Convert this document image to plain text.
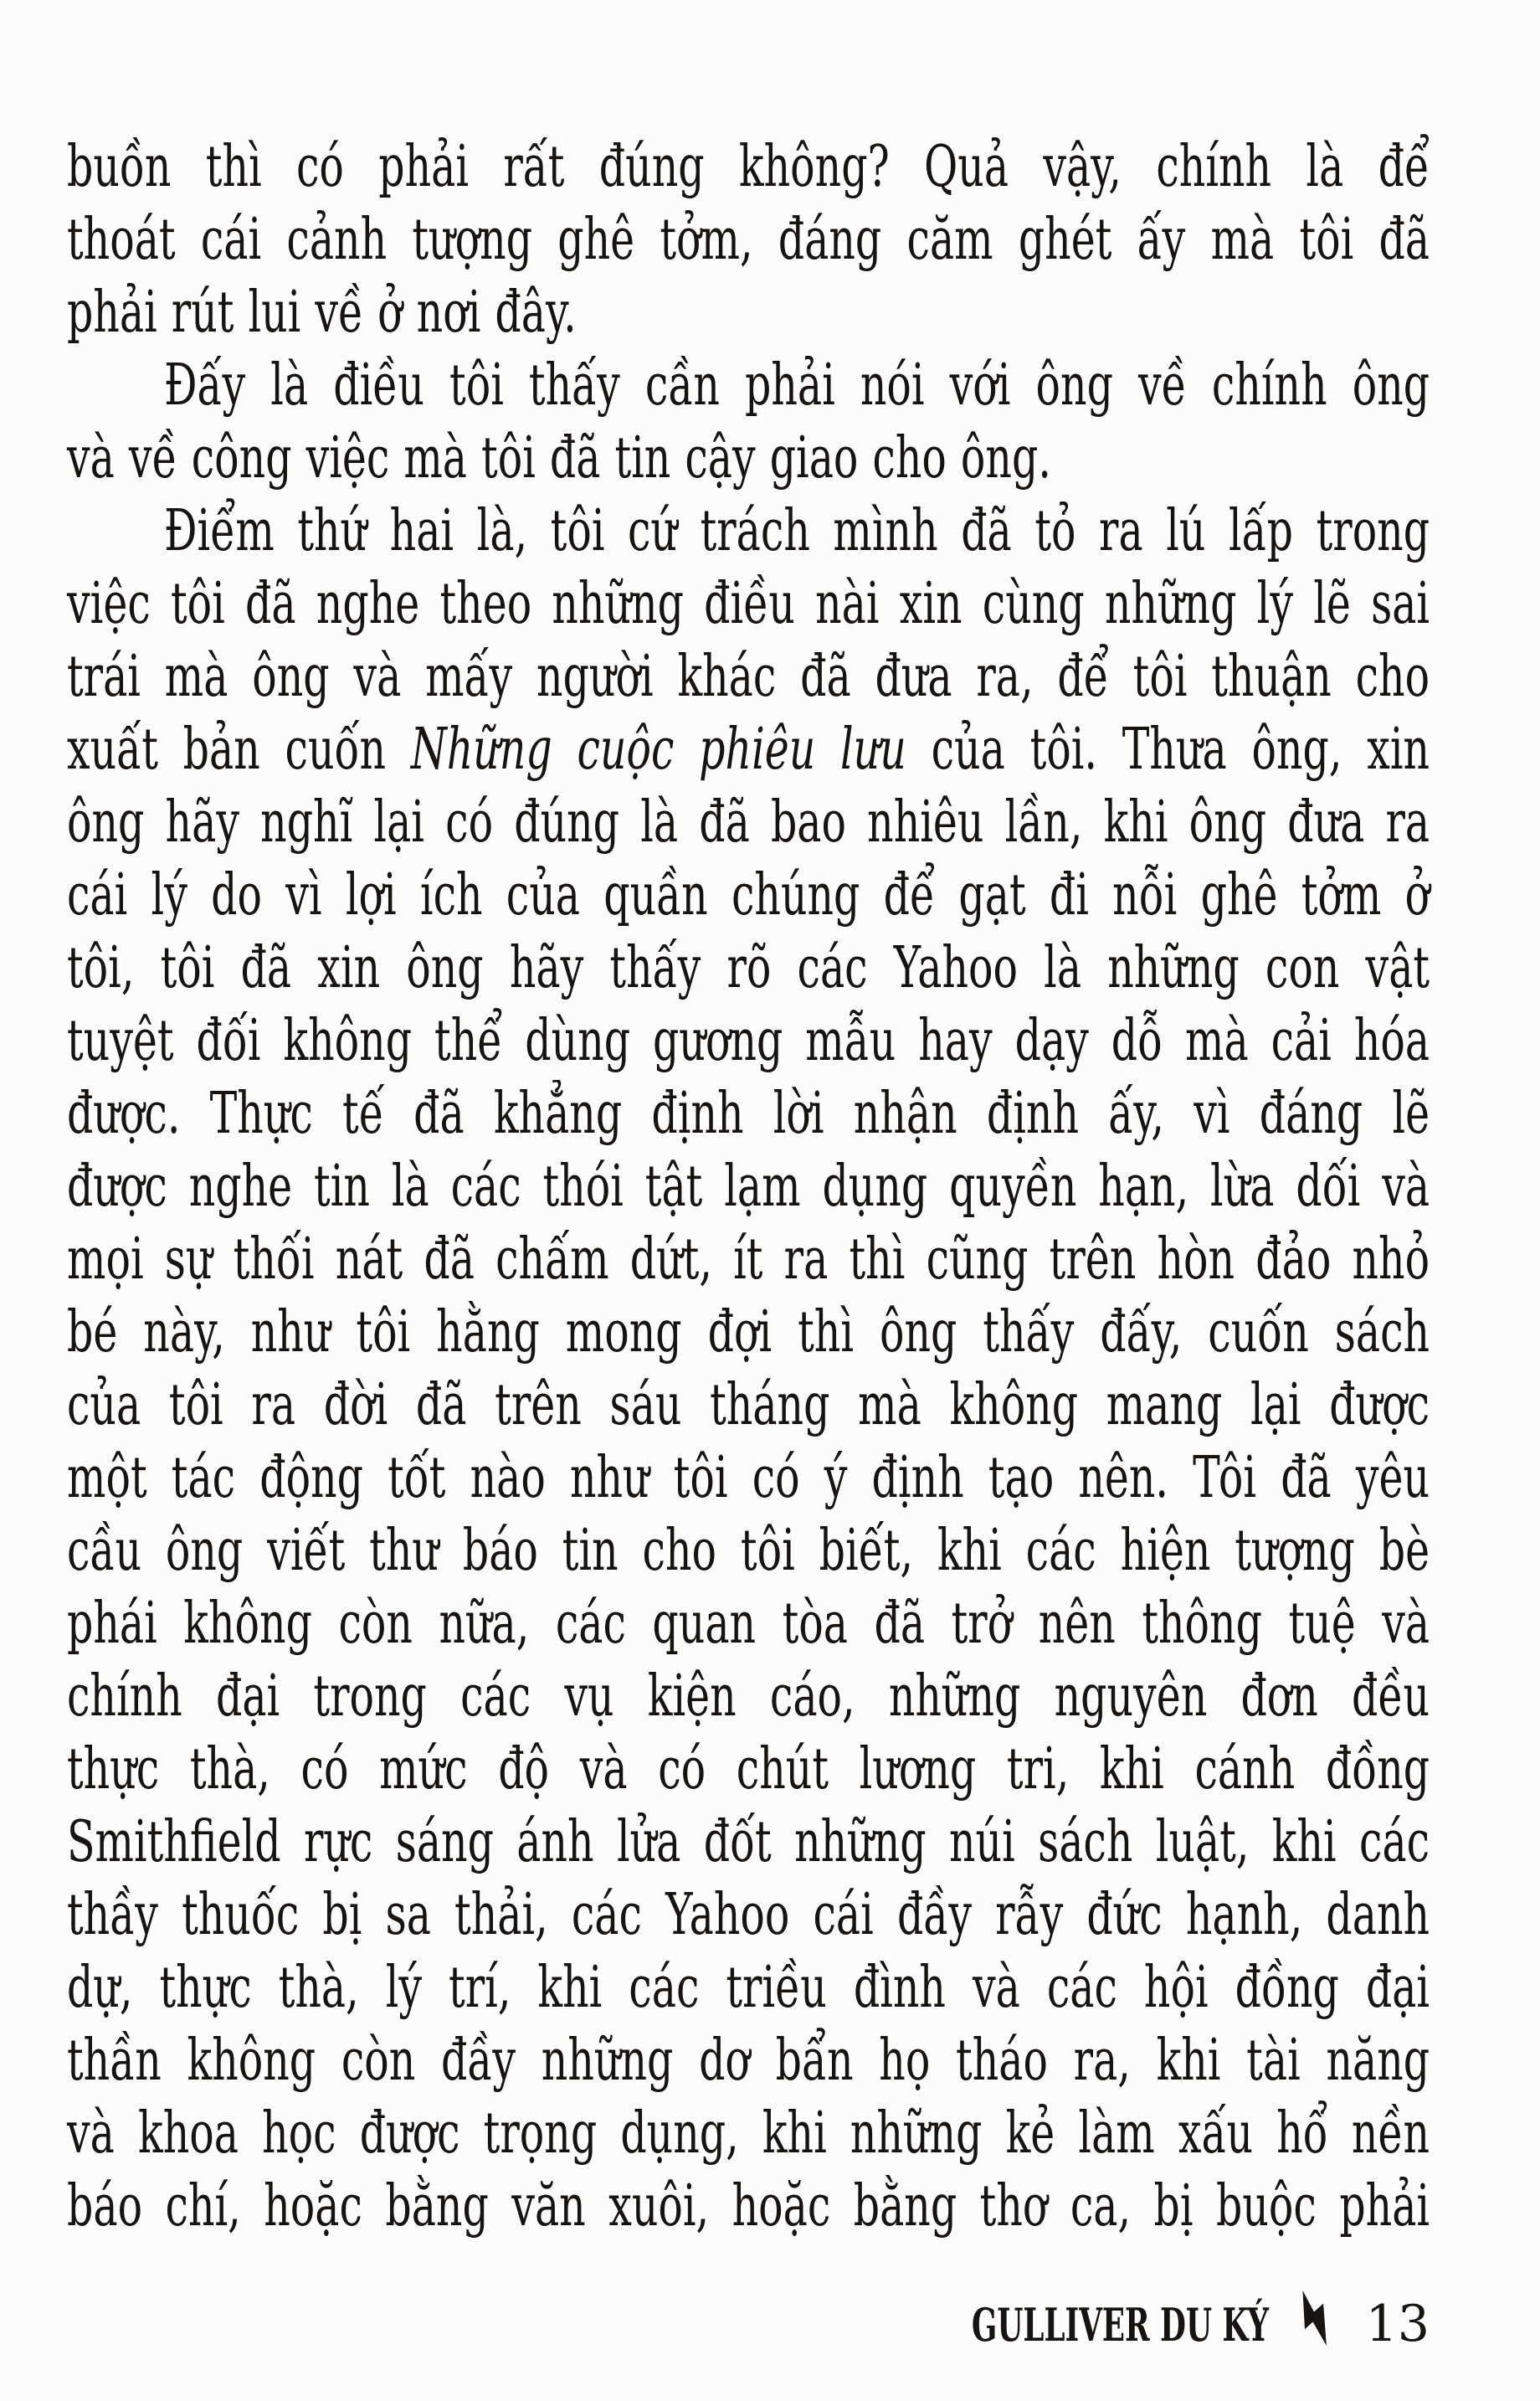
buồn thì có phải rất đúng không? Quả vậy, chính là để
thoát cái cảnh tượng ghê tởm, đáng căm ghét ấy mà tôi đã
phải rút lui về ở nơi đây.
Đấy là điều tôi thấy cần phải nói với ông về chính ông
và về công việc mà tôi đã tin cậy giao cho ông.
Điểm thứ hai là, tôi cứ trách mình đã tỏ ra lú lấp trong
việc tôi đã nghe theo những điều nài xin cùng những lý lẽ sai
trái mà ông và mấy người khác đã đưa ra, để tôi thuận cho
xuất bản cuốn Những cuộc phiêu lưu của tôi. Thưa ông, xin
ông hãy nghĩ lại có đúng là đã bao nhiêu lần, khi ông đưa ra
cái lý do vì lợi ích của quần chúng để gạt đi nỗi ghê tởm ở
tôi, tôi đã xin ông hãy thấy rõ các Yahoo là những con vật
tuyệt đối không thể dùng gương mẫu hay dạy dỗ mà cải hóa
được. Thực tế đã khẳng định lời nhận định ấy, vì đáng lẽ
được nghe tin là các thói tật lạm dụng quyền hạn, lừa dối và
mọi sự thối nát đã chấm dứt, ít ra thì cũng trên hòn đảo nhỏ
bé này, như tôi hằng mong đợi thì ông thấy đấy, cuốn sách
của tôi ra đời đã trên sáu tháng mà không mang lại được
một tác động tốt nào như tôi có ý định tạo nên. Tôi đã yêu
cầu ông viết thư báo tin cho tôi biết, khi các hiện tượng bè
phái không còn nữa, các quan tòa đã trở nên thông tuệ và
chính đại trong các vụ kiện cáo, những nguyên đơn đều
thực thà, có mức độ và có chút lương tri, khi cánh đồng
Smithfield rực sáng ánh lửa đốt những núi sách luật, khi các
thầy thuốc bị sa thải, các Yahoo cái đầy rẫy đức hạnh, danh
dự, thực thà, lý trí, khi các triều đình và các hội đồng đại
thần không còn đầy những dơ bẩn họ tháo ra, khi tài năng
và khoa học được trọng dụng, khi những kẻ làm xấu hổ nền
báo chí, hoặc bằng văn xuôi, hoặc bằng thơ ca, bị buộc phải
GULLIVER DU KÝ 13
